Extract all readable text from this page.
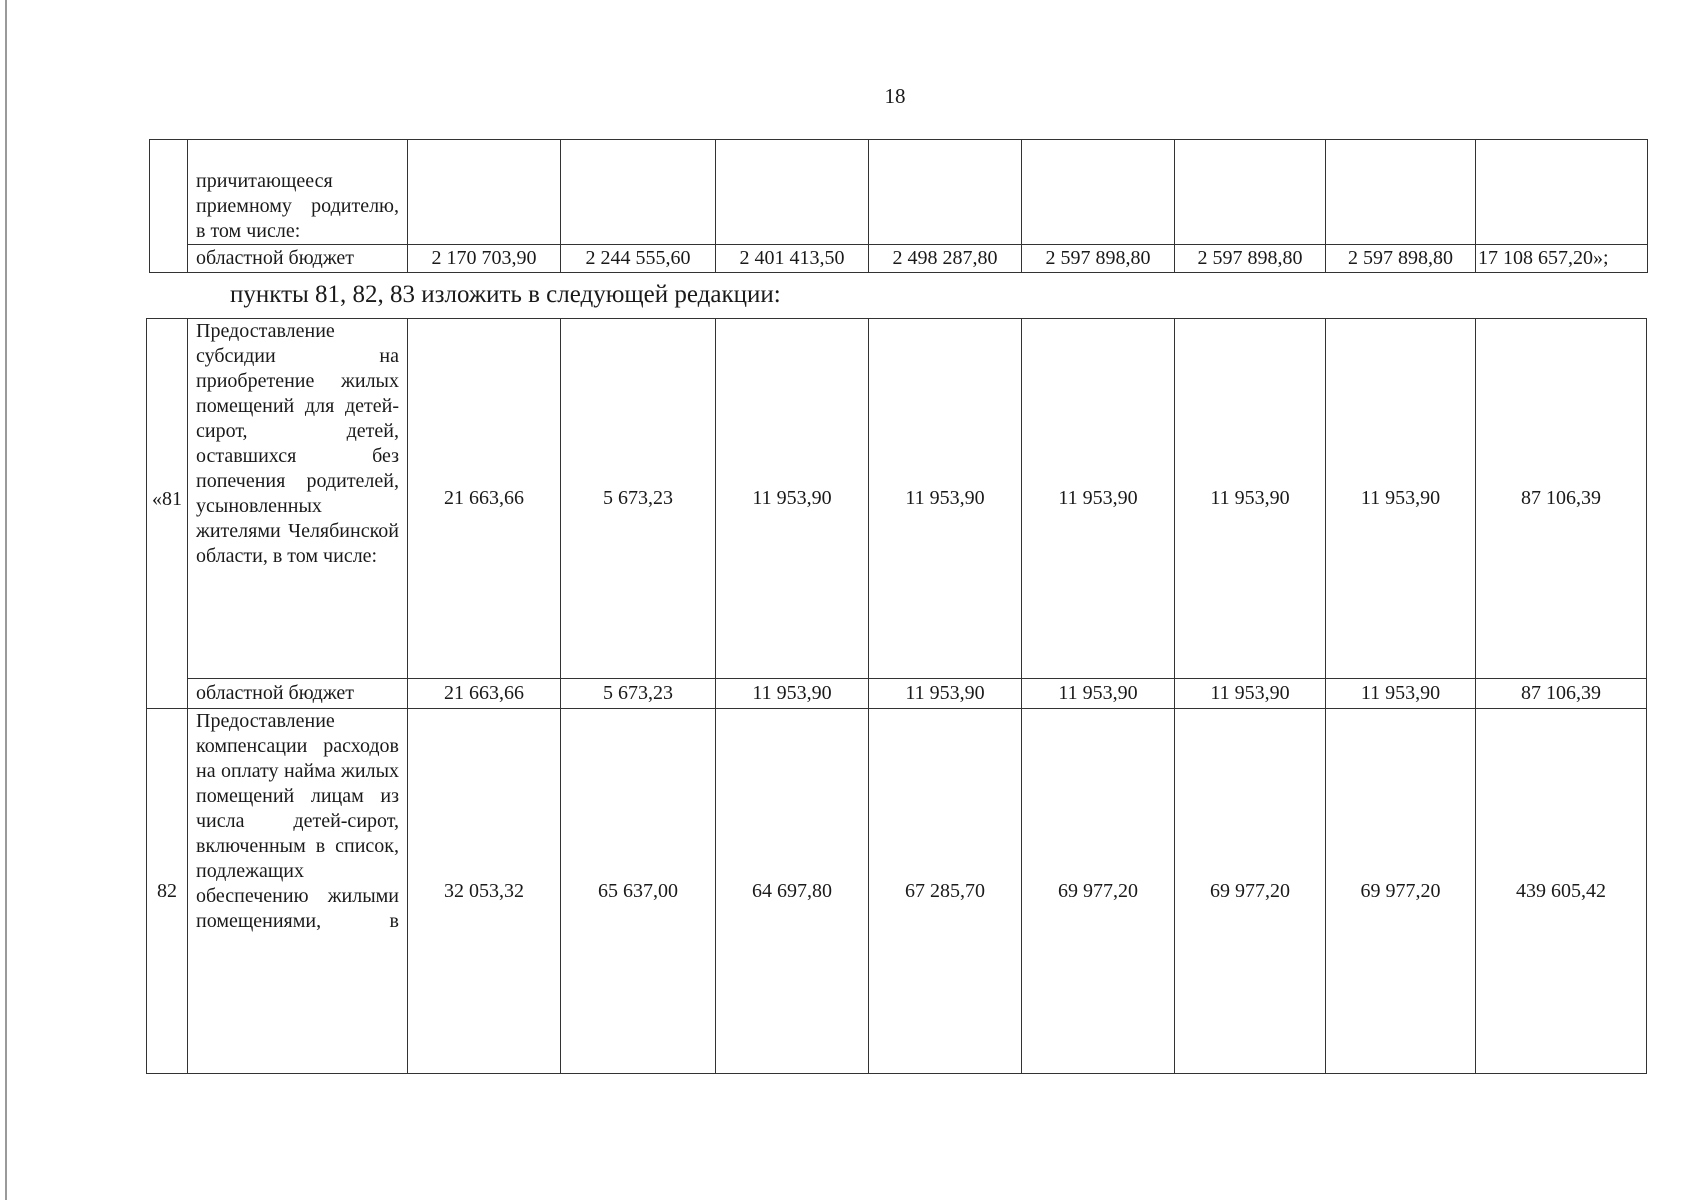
18
	причитающееся приемному родителю, в том числе:								
	областной бюджет	2 170 703,90	2 244 555,60	2 401 413,50	2 498 287,80	2 597 898,80	2 597 898,80	2 597 898,80	17 108 657,20»;
пункты 81, 82, 83 изложить в следующей редакции:
«81	Предоставление субсидии на приобретение жилых помещений для детей-сирот, детей, оставшихся без попечения родителей, усыновленных жителями Челябинской области, в том числе:	21 663,66	5 673,23	11 953,90	11 953,90	11 953,90	11 953,90	11 953,90	87 106,39
	областной бюджет	21 663,66	5 673,23	11 953,90	11 953,90	11 953,90	11 953,90	11 953,90	87 106,39
82	Предоставление компенсации расходов на оплату найма жилых помещений лицам из числа детей-сирот, включенным в список, подлежащих обеспечению жилыми помещениями, в	32 053,32	65 637,00	64 697,80	67 285,70	69 977,20	69 977,20	69 977,20	439 605,42
